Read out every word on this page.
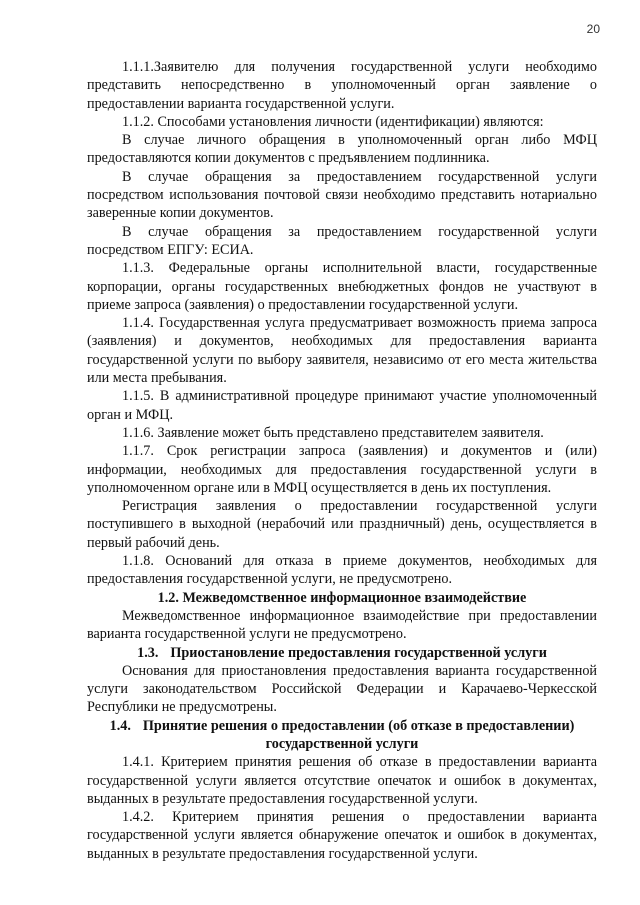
20

1.1.1.Заявителю для получения государственной услуги необходимо представить непосредственно в уполномоченный орган заявление о предоставлении варианта государственной услуги.

1.1.2. Способами установления личности (идентификации) являются:

В случае личного обращения в уполномоченный орган либо МФЦ предоставляются копии документов с предъявлением подлинника.

В случае обращения за предоставлением государственной услуги посредством использования почтовой связи необходимо представить нотариально заверенные копии документов.

В случае обращения за предоставлением государственной услуги посредством ЕПГУ: ЕСИА.

1.1.3. Федеральные органы исполнительной власти, государственные корпорации, органы государственных внебюджетных фондов не участвуют в приеме запроса (заявления) о предоставлении государственной услуги.

1.1.4. Государственная услуга предусматривает возможность приема запроса (заявления) и документов, необходимых для предоставления варианта государственной услуги по выбору заявителя, независимо от его места жительства или места пребывания.

1.1.5. В административной процедуре принимают участие уполномоченный орган и МФЦ.

1.1.6. Заявление может быть представлено представителем заявителя.

1.1.7. Срок регистрации запроса (заявления) и документов и (или) информации, необходимых для предоставления государственной услуги в уполномоченном органе или в МФЦ осуществляется в день их поступления.

Регистрация заявления о предоставлении государственной услуги поступившего в выходной (нерабочий или праздничный) день, осуществляется в первый рабочий день.

1.1.8. Оснований для отказа в приеме документов, необходимых для предоставления государственной услуги, не предусмотрено.

1.2. Межведомственное информационное взаимодействие

Межведомственное информационное взаимодействие при предоставлении варианта государственной услуги не предусмотрено.

1.3. Приостановление предоставления государственной услуги

Основания для приостановления предоставления варианта государственной услуги законодательством Российской Федерации и Карачаево-Черкесской Республики не предусмотрены.

1.4. Принятие решения о предоставлении (об отказе в предоставлении) государственной услуги

1.4.1. Критерием принятия решения об отказе в предоставлении варианта государственной услуги является отсутствие опечаток и ошибок в документах, выданных в результате предоставления государственной услуги.

1.4.2. Критерием принятия решения о предоставлении варианта государственной услуги является обнаружение опечаток и ошибок в документах, выданных в результате предоставления государственной услуги.
